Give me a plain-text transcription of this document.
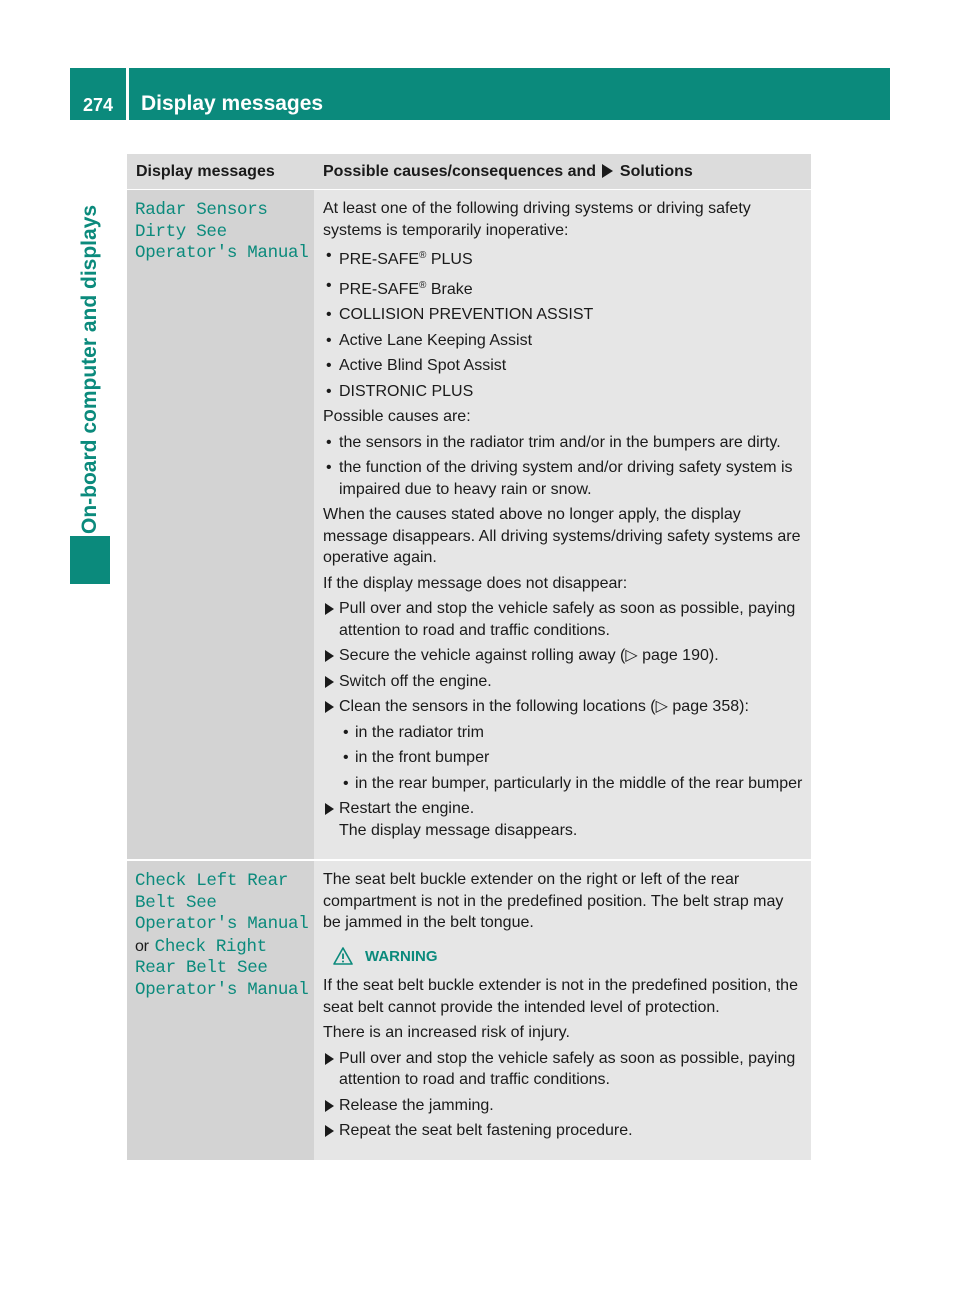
274	Display messages
On-board computer and displays
Display messages	Possible causes/consequences and Solutions
Radar Sensors
Dirty See
Operator's Manual
At least one of the following driving systems or driving safety systems is temporarily inoperative:
• PRE-SAFE® PLUS
• PRE-SAFE® Brake
• COLLISION PREVENTION ASSIST
• Active Lane Keeping Assist
• Active Blind Spot Assist
• DISTRONIC PLUS
Possible causes are:
• the sensors in the radiator trim and/or in the bumpers are dirty.
• the function of the driving system and/or driving safety system is impaired due to heavy rain or snow.
When the causes stated above no longer apply, the display message disappears. All driving systems/driving safety systems are operative again.
If the display message does not disappear:
Pull over and stop the vehicle safely as soon as possible, paying attention to road and traffic conditions.
Secure the vehicle against rolling away (▷ page 190).
Switch off the engine.
Clean the sensors in the following locations (▷ page 358):
• in the radiator trim
• in the front bumper
• in the rear bumper, particularly in the middle of the rear bumper
Restart the engine.
The display message disappears.
Check Left Rear
Belt See
Operator's Manual
or Check Right
Rear Belt See
Operator's Manual
The seat belt buckle extender on the right or left of the rear compartment is not in the predefined position. The belt strap may be jammed in the belt tongue.
WARNING
If the seat belt buckle extender is not in the predefined position, the seat belt cannot provide the intended level of protection.
There is an increased risk of injury.
Pull over and stop the vehicle safely as soon as possible, paying attention to road and traffic conditions.
Release the jamming.
Repeat the seat belt fastening procedure.
